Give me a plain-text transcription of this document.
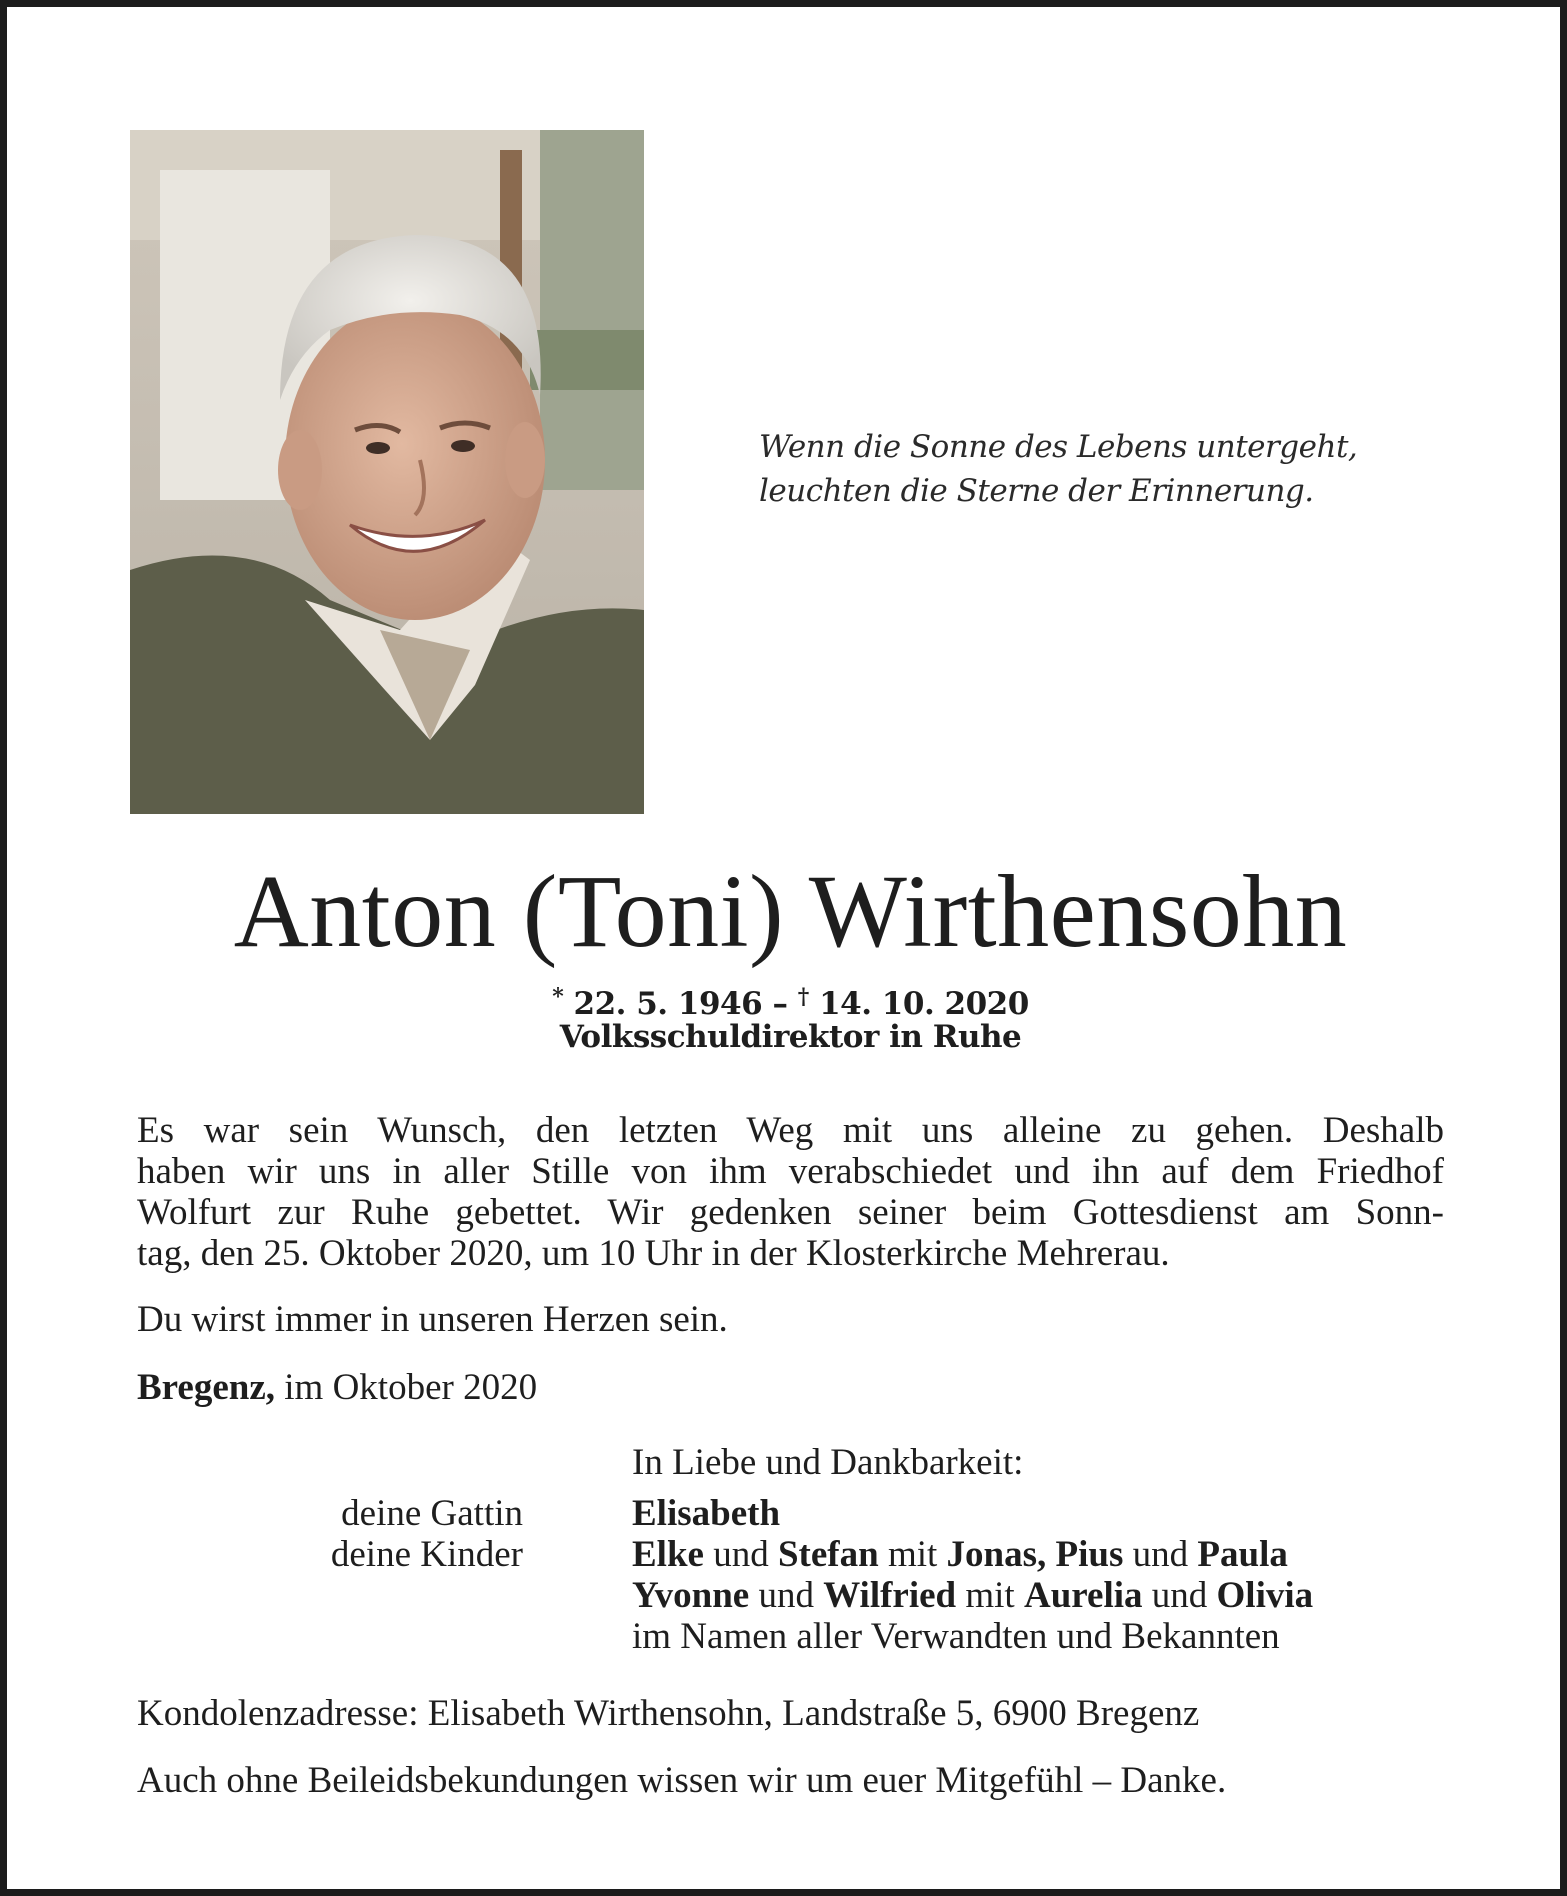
Wenn die Sonne des Lebens untergeht,
leuchten die Sterne der Erinnerung.
Anton (Toni) Wirthensohn
* 22. 5. 1946 – † 14. 10. 2020
Volksschuldirektor in Ruhe
Es war sein Wunsch, den letzten Weg mit uns alleine zu gehen. Deshalb
haben wir uns in aller Stille von ihm verabschiedet und ihn auf dem Friedhof
Wolfurt zur Ruhe gebettet. Wir gedenken seiner beim Gottesdienst am Sonn-
tag, den 25. Oktober 2020, um 10 Uhr in der Klosterkirche Mehrerau.
Du wirst immer in unseren Herzen sein.
Bregenz, im Oktober 2020
In Liebe und Dankbarkeit:
deine Gattin	Elisabeth
deine Kinder	Elke und Stefan mit Jonas, Pius und Paula
Yvonne und Wilfried mit Aurelia und Olivia
im Namen aller Verwandten und Bekannten
Kondolenzadresse: Elisabeth Wirthensohn, Landstraße 5, 6900 Bregenz
Auch ohne Beileidsbekundungen wissen wir um euer Mitgefühl – Danke.
